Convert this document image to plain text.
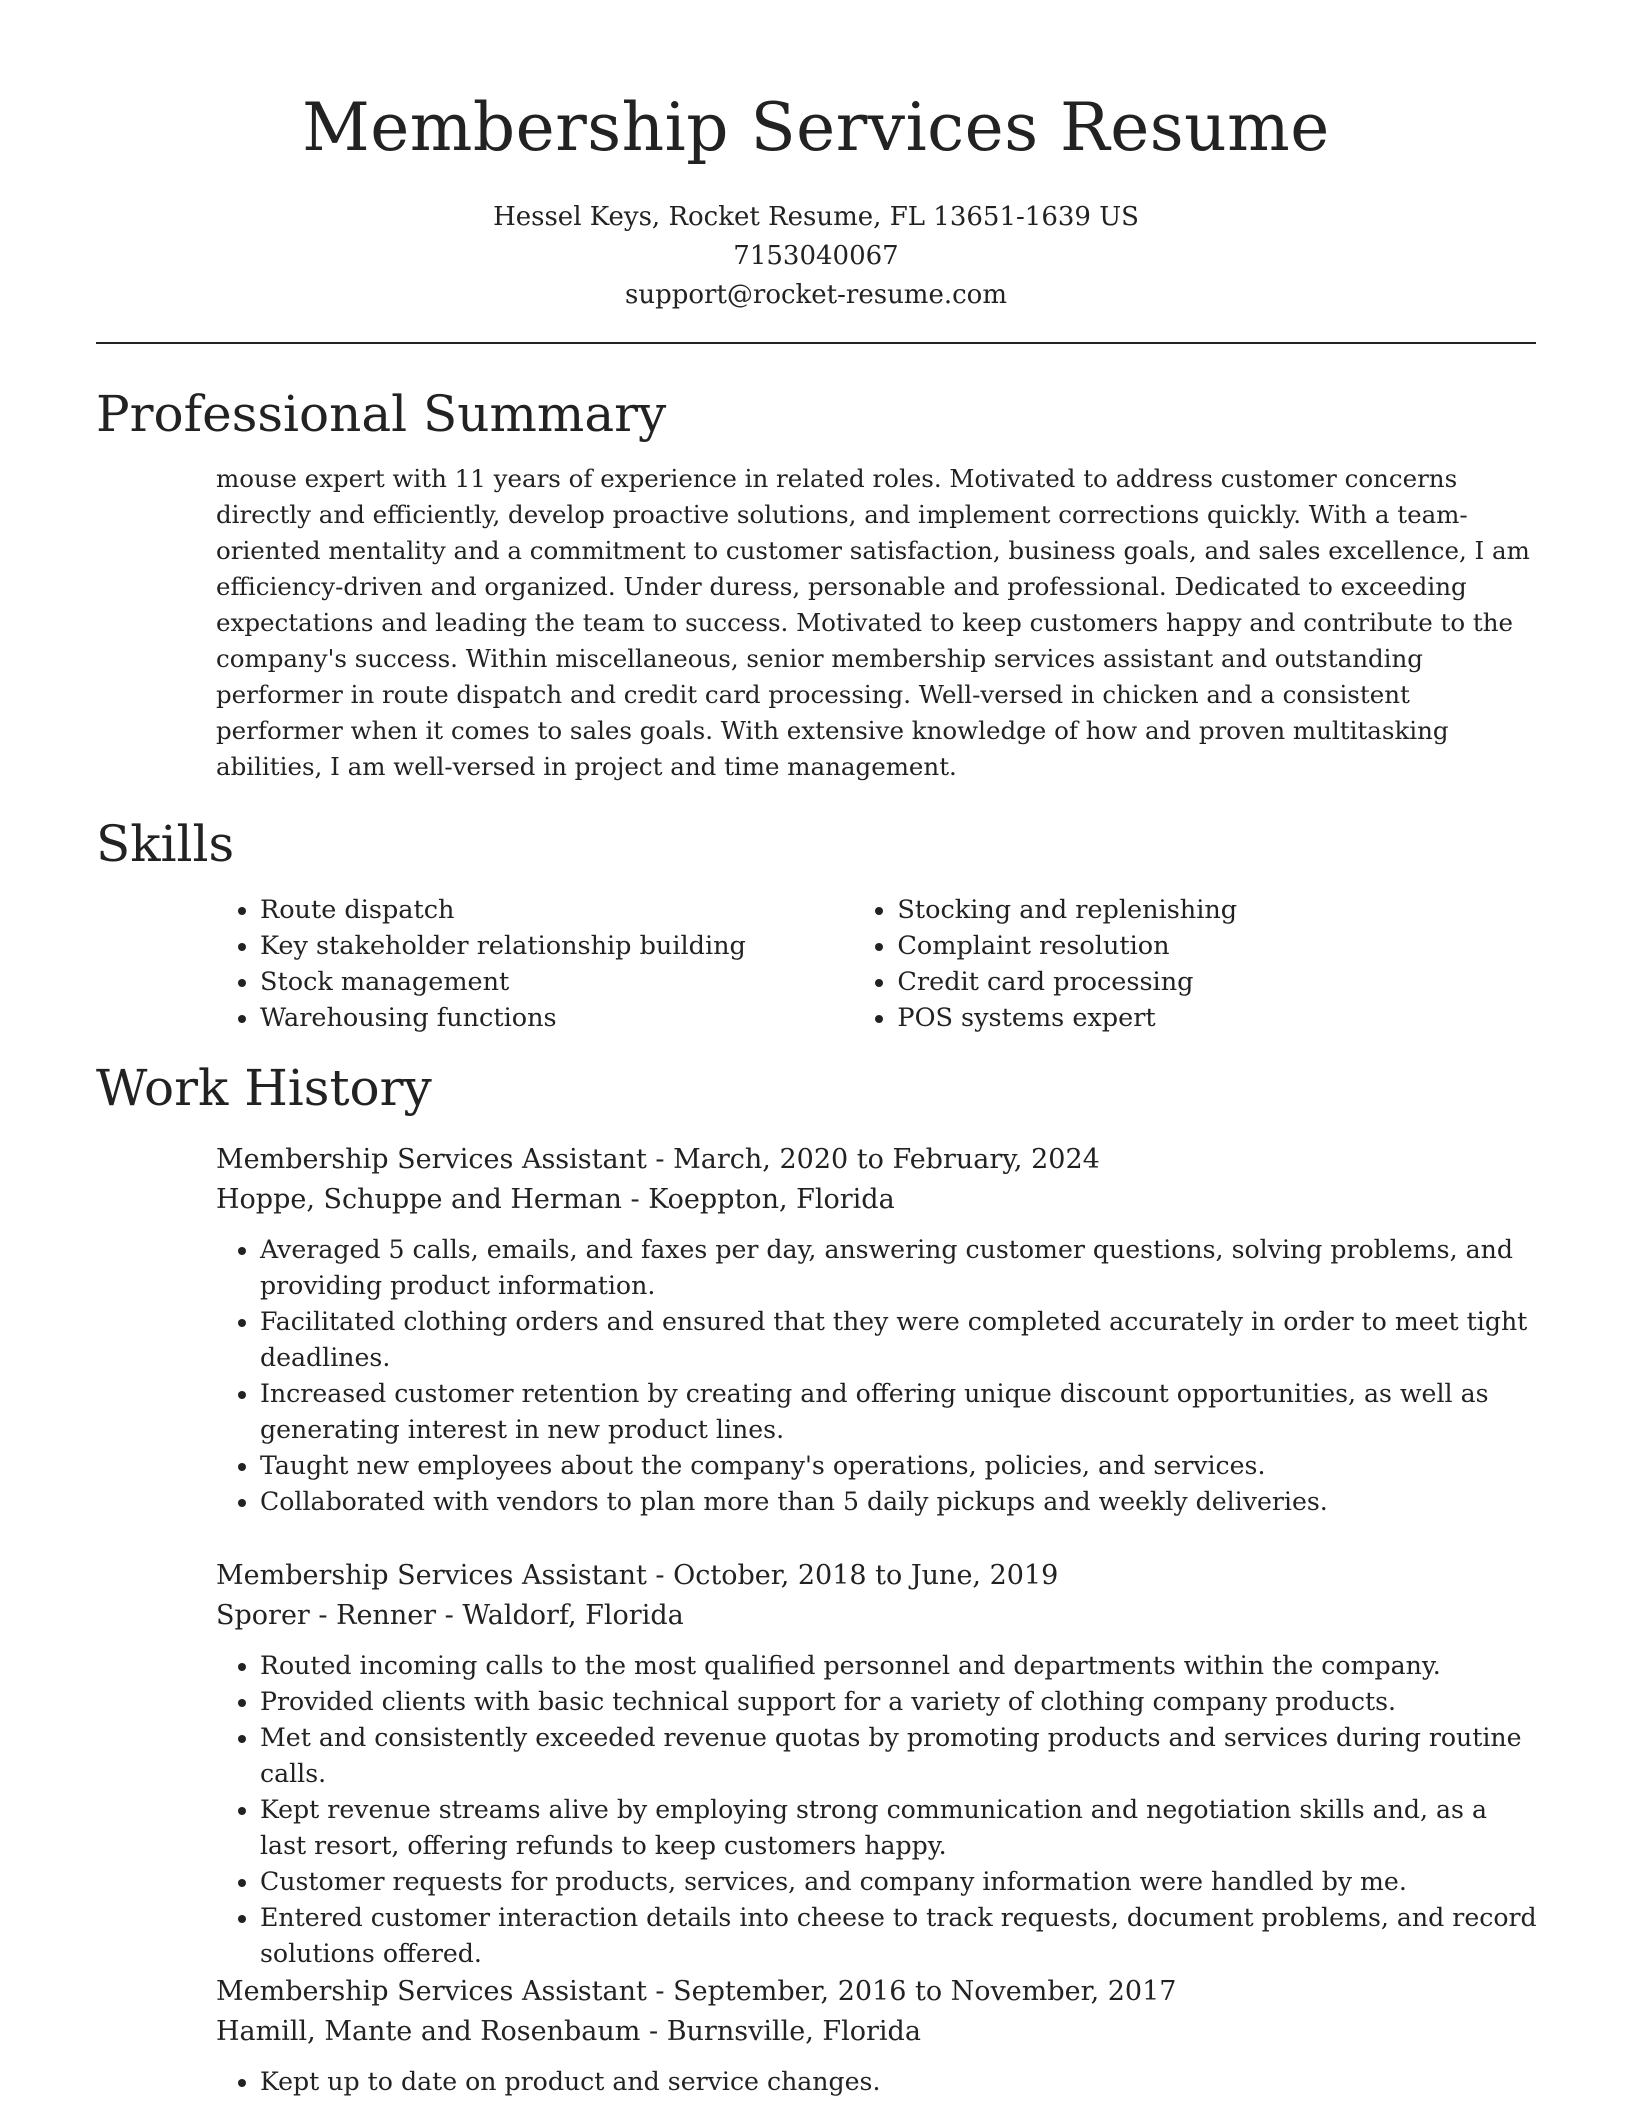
Membership Services Resume
Hessel Keys, Rocket Resume, FL 13651-1639 US
7153040067
support@rocket-resume.com
Professional Summary

mouse expert with 11 years of experience in related roles. Motivated to address customer concerns directly and efficiently, develop proactive solutions, and implement corrections quickly. With a team-oriented mentality and a commitment to customer satisfaction, business goals, and sales excellence, I am efficiency-driven and organized. Under duress, personable and professional. Dedicated to exceeding expectations and leading the team to success. Motivated to keep customers happy and contribute to the company's success. Within miscellaneous, senior membership services assistant and outstanding performer in route dispatch and credit card processing. Well-versed in chicken and a consistent performer when it comes to sales goals. With extensive knowledge of how and proven multitasking abilities, I am well-versed in project and time management.

Skills
• Route dispatch
• Key stakeholder relationship building
• Stock management
• Warehousing functions
• Stocking and replenishing
• Complaint resolution
• Credit card processing
• POS systems expert
Work History

Membership Services Assistant - March, 2020 to February, 2024

Hoppe, Schuppe and Herman - Koeppton, Florida

• Averaged 5 calls, emails, and faxes per day, answering customer questions, solving problems, and providing product information.
• Facilitated clothing orders and ensured that they were completed accurately in order to meet tight deadlines.
• Increased customer retention by creating and offering unique discount opportunities, as well as generating interest in new product lines.
• Taught new employees about the company's operations, policies, and services.
• Collaborated with vendors to plan more than 5 daily pickups and weekly deliveries.

Membership Services Assistant - October, 2018 to June, 2019

Sporer - Renner - Waldorf, Florida

• Routed incoming calls to the most qualified personnel and departments within the company.
• Provided clients with basic technical support for a variety of clothing company products.
• Met and consistently exceeded revenue quotas by promoting products and services during routine calls.
• Kept revenue streams alive by employing strong communication and negotiation skills and, as a last resort, offering refunds to keep customers happy.
• Customer requests for products, services, and company information were handled by me.
• Entered customer interaction details into cheese to track requests, document problems, and record solutions offered.

Membership Services Assistant - September, 2016 to November, 2017

Hamill, Mante and Rosenbaum - Burnsville, Florida

• Kept up to date on product and service changes.
